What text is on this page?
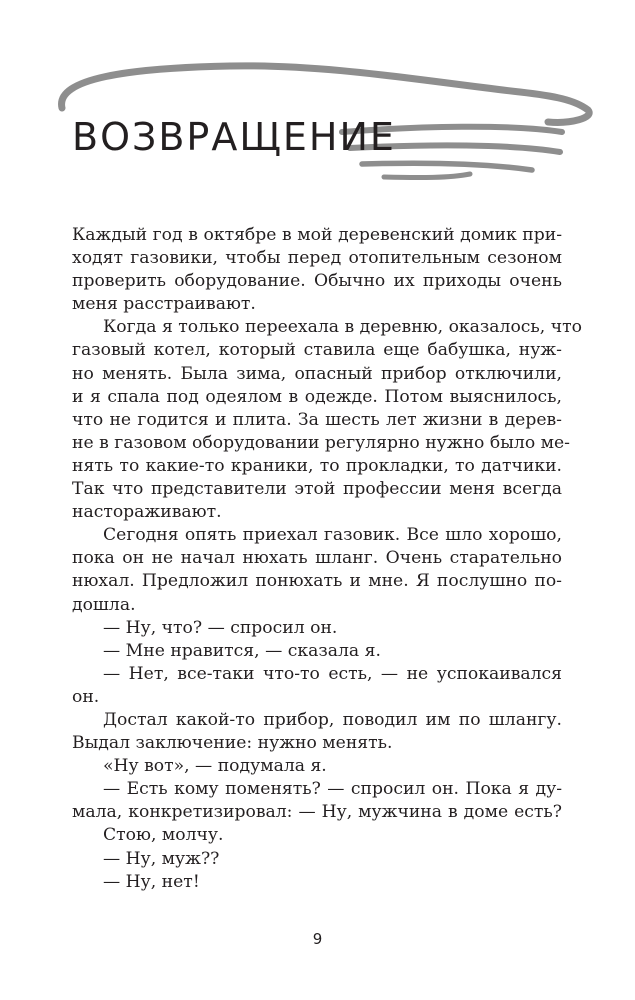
ВОЗВРАЩЕНИЕ
Каждый год в октябре в мой деревенский домик при-
ходят газовики, чтобы перед отопительным сезоном
проверить оборудование. Обычно их приходы очень
меня расстраивают.
Когда я только переехала в деревню, оказалось, что
газовый котел, который ставила еще бабушка, нуж-
но менять. Была зима, опасный прибор отключили,
и я спала под одеялом в одежде. Потом выяснилось,
что не годится и плита. За шесть лет жизни в дерев-
не в газовом оборудовании регулярно нужно было ме-
нять то какие-то краники, то прокладки, то датчики.
Так что представители этой профессии меня всегда
настораживают.
Сегодня опять приехал газовик. Все шло хорошо,
пока он не начал нюхать шланг. Очень старательно
нюхал. Предложил понюхать и мне. Я послушно по-
дошла.
— Ну, что? — спросил он.
— Мне нравится, — сказала я.
— Нет, все-таки что-то есть, — не успокаивался
он.
Достал какой-то прибор, поводил им по шлангу.
Выдал заключение: нужно менять.
«Ну вот», — подумала я.
— Есть кому поменять? — спросил он. Пока я ду-
мала, конкретизировал: — Ну, мужчина в доме есть?
Стою, молчу.
— Ну, муж??
— Ну, нет!
9
